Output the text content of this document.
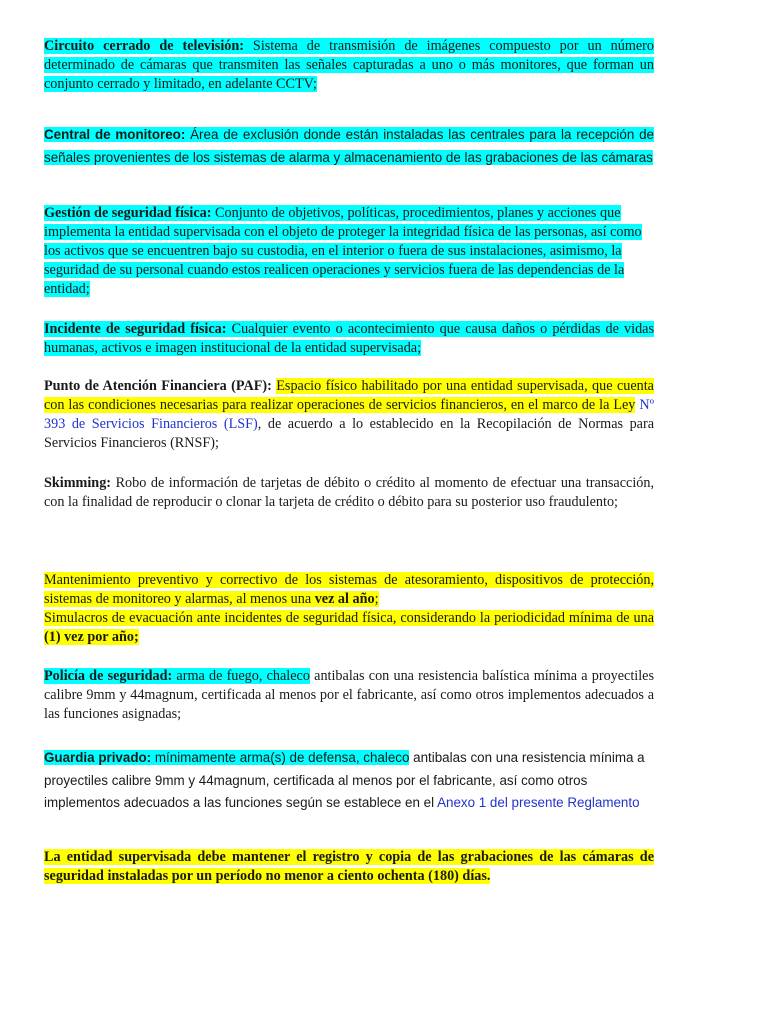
Circuito cerrado de televisión: Sistema de transmisión de imágenes compuesto por un número determinado de cámaras que transmiten las señales capturadas a uno o más monitores, que forman un conjunto cerrado y limitado, en adelante CCTV;
Central de monitoreo: Área de exclusión donde están instaladas las centrales para la recepción de señales provenientes de los sistemas de alarma y almacenamiento de las grabaciones de las cámaras
Gestión de seguridad física: Conjunto de objetivos, políticas, procedimientos, planes y acciones que implementa la entidad supervisada con el objeto de proteger la integridad física de las personas, así como los activos que se encuentren bajo su custodia, en el interior o fuera de sus instalaciones, asimismo, la seguridad de su personal cuando estos realicen operaciones y servicios fuera de las dependencias de la entidad;
Incidente de seguridad física: Cualquier evento o acontecimiento que causa daños o pérdidas de vidas humanas, activos e imagen institucional de la entidad supervisada;
Punto de Atención Financiera (PAF): Espacio físico habilitado por una entidad supervisada, que cuenta con las condiciones necesarias para realizar operaciones de servicios financieros, en el marco de la Ley Nº 393 de Servicios Financieros (LSF), de acuerdo a lo establecido en la Recopilación de Normas para Servicios Financieros (RNSF);
Skimming: Robo de información de tarjetas de débito o crédito al momento de efectuar una transacción, con la finalidad de reproducir o clonar la tarjeta de crédito o débito para su posterior uso fraudulento;
Mantenimiento preventivo y correctivo de los sistemas de atesoramiento, dispositivos de protección, sistemas de monitoreo y alarmas, al menos una vez al año;
Simulacros de evacuación ante incidentes de seguridad física, considerando la periodicidad mínima de una (1) vez por año;
Policía de seguridad: arma de fuego, chaleco antibalas con una resistencia balística mínima a proyectiles calibre 9mm y 44magnum, certificada al menos por el fabricante, así como otros implementos adecuados a las funciones asignadas;
Guardia privado: mínimamente arma(s) de defensa, chaleco antibalas con una resistencia mínima a proyectiles calibre 9mm y 44magnum, certificada al menos por el fabricante, así como otros implementos adecuados a las funciones según se establece en el Anexo 1 del presente Reglamento
La entidad supervisada debe mantener el registro y copia de las grabaciones de las cámaras de seguridad instaladas por un período no menor a ciento ochenta (180) días.
